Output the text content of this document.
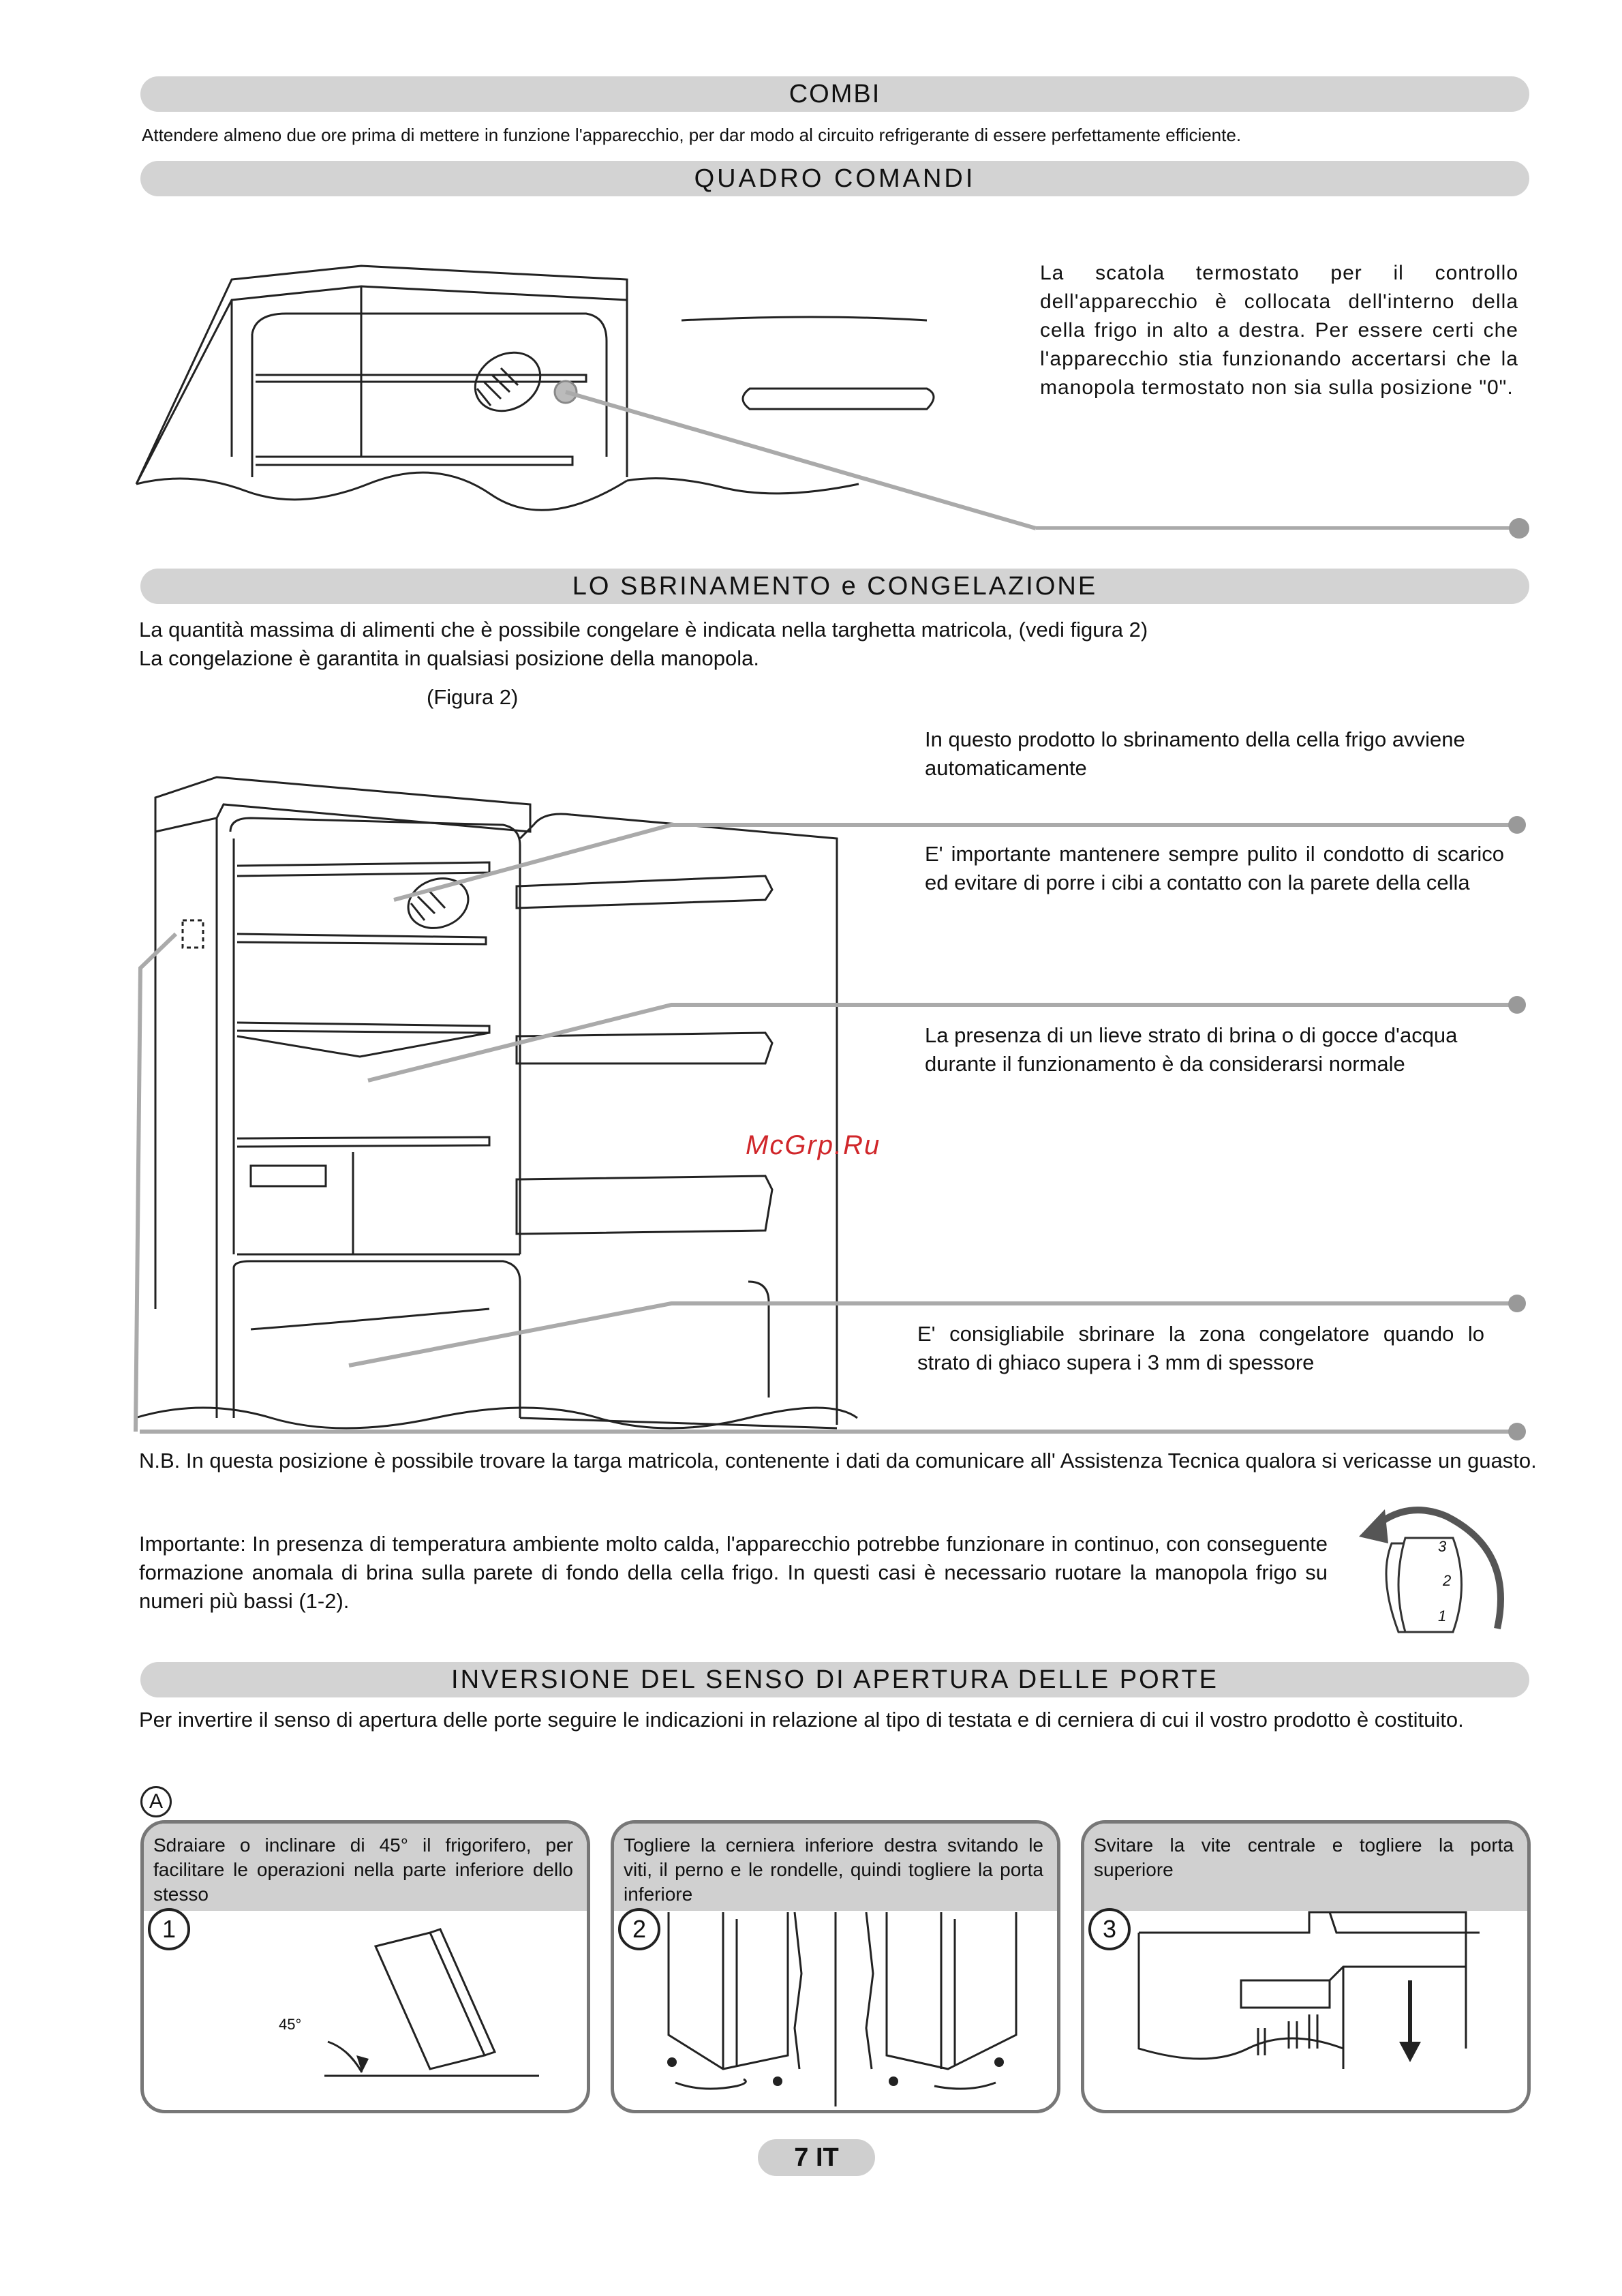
COMBI
Attendere almeno due ore prima di mettere in funzione l'apparecchio, per dar modo al circuito refrigerante di essere perfettamente efficiente.
QUADRO COMANDI
La scatola termostato per il controllo dell'apparecchio è collocata dell'interno della cella frigo in alto a destra. Per essere certi che l'apparecchio stia funzionando accertarsi che la manopola termostato non sia sulla posizione "0".
LO SBRINAMENTO e CONGELAZIONE
La quantità massima di alimenti che è possibile congelare è indicata nella targhetta matricola, (vedi figura 2)
La congelazione è garantita in qualsiasi posizione della manopola.
(Figura 2)
In questo prodotto lo sbrinamento della cella frigo avviene automaticamente
E' importante mantenere sempre pulito il condotto di scarico ed evitare di porre i cibi a contatto con la parete della cella
La presenza di un lieve strato di brina o di gocce d'acqua durante il funzionamento è da considerarsi normale
McGrp.Ru
E' consigliabile sbrinare la zona congelatore quando lo strato di ghiaco supera i 3 mm di spessore
N.B. In questa posizione è possibile trovare la targa matricola, contenente i dati da comunicare all' Assistenza Tecnica qualora si vericasse un guasto.
Importante: In presenza di temperatura ambiente molto calda, l'apparecchio potrebbe funzionare in continuo, con conseguente formazione anomala di brina sulla parete di fondo della cella frigo. In questi casi è necessario ruotare la manopola frigo su numeri più bassi (1-2).
3
2
1
INVERSIONE DEL SENSO DI APERTURA DELLE PORTE
Per invertire il senso di apertura delle porte seguire le indicazioni in relazione al tipo di testata e di cerniera di cui il vostro prodotto è costituito.
A
Sdraiare o inclinare di 45° il frigorifero, per facilitare le operazioni nella parte inferiore dello stesso
1
45°
Togliere la cerniera inferiore destra svitando le viti, il perno e le rondelle, quindi togliere la porta inferiore
2
Svitare la vite centrale e togliere la porta superiore
3
7 IT
